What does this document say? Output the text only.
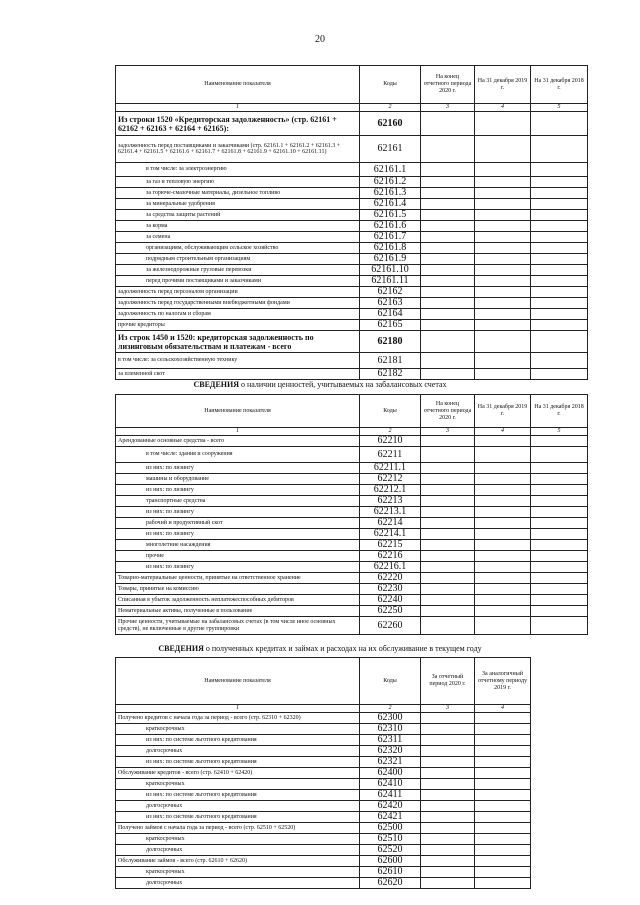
20
Наименование показателя	Коды	На конец отчетного периода 2020 г.	На 31 декабря 2019 г.	На 31 декабря 2018 г.
1	2	3	4	5
Из строки 1520 «Кредиторская задолженность» (стр. 62161 + 62162 + 62163 + 62164 + 62165):	62160			
задолженность перед поставщиками и заказчиками (стр. 62161.1 + 62161.2 + 62161.3 + 62161.4 + 62161.5 + 62161.6 + 62161.7 + 62161.8 + 62161.9 + 62161.10 + 62161.11)	62161			
в том числе: за электроэнергию	62161.1			
за газ и тепловую энергию	62161.2			
за горюче-смазочные материалы, дизельное топливо	62161.3			
за минеральные удобрения	62161.4			
за средства защиты растений	62161.5			
за корма	62161.6			
за семена	62161.7			
организациям, обслуживающим сельское хозяйство	62161.8			
подрядным строительным организациям	62161.9			
за железнодорожные грузовые перевозки	62161.10			
перед прочими поставщиками и заказчиками	62161.11			
задолженность перед персоналом организации	62162			
задолженность перед государственными внебюджетными фондами	62163			
задолженность по налогам и сборам	62164			
прочие кредиторы	62165			
Из строк 1450 и 1520: кредиторская задолженность по лизинговым обязательствам и платежам - всего	62180			
в том числе: за сельскохозяйственную технику	62181			
за племенной скот	62182			
СВЕДЕНИЯ о наличии ценностей, учитываемых на забалансовых счетах
Наименование показателя	Коды	На конец отчетного периода 2020 г.	На 31 декабря 2019 г.	На 31 декабря 2018 г.
1	2	3	4	5
Арендованные основные средства - всего	62210			
в том числе: здания и сооружения	62211			
из них: по лизингу	62211.1			
машины и оборудование	62212			
из них: по лизингу	62212.1			
транспортные средства	62213			
из них: по лизингу	62213.1			
рабочий и продуктивный скот	62214			
из них: по лизингу	62214.1			
многолетние насаждения	62215			
прочие	62216			
из них: по лизингу	62216.1			
Товарно-материальные ценности, принятые на ответственное хранение	62220			
Товары, принятые на комиссию	62230			
Списанная в убыток задолженность неплатежеспособных дебиторов	62240			
Нематериальные активы, полученные в пользование	62250			
Прочие ценности, учитываемые на забалансовых счетах (в том числе иное основных средств), не включенные в другие группировки	62260			
СВЕДЕНИЯ о полученных кредитах и займах и расходах на их обслуживание в текущем году
Наименование показателя	Коды	За отчетный период 2020 г.	За аналогичный отчетному периоду 2019 г.
1	2	3	4
Получено кредитов с начала года за период - всего (стр. 62310 + 62320)	62300		
краткосрочных	62310		
из них: по системе льготного кредитования	62311		
долгосрочных	62320		
из них: по системе льготного кредитования	62321		
Обслуживание кредитов - всего (стр. 62410 + 62420)	62400		
краткосрочных	62410		
из них: по системе льготного кредитования	62411		
долгосрочных	62420		
из них: по системе льготного кредитования	62421		
Получено займов с начала года за период - всего (стр. 62510 + 62520)	62500		
краткосрочных	62510		
долгосрочных	62520		
Обслуживание займов - всего (стр. 62610 + 62620)	62600		
краткосрочных	62610		
долгосрочных	62620		
